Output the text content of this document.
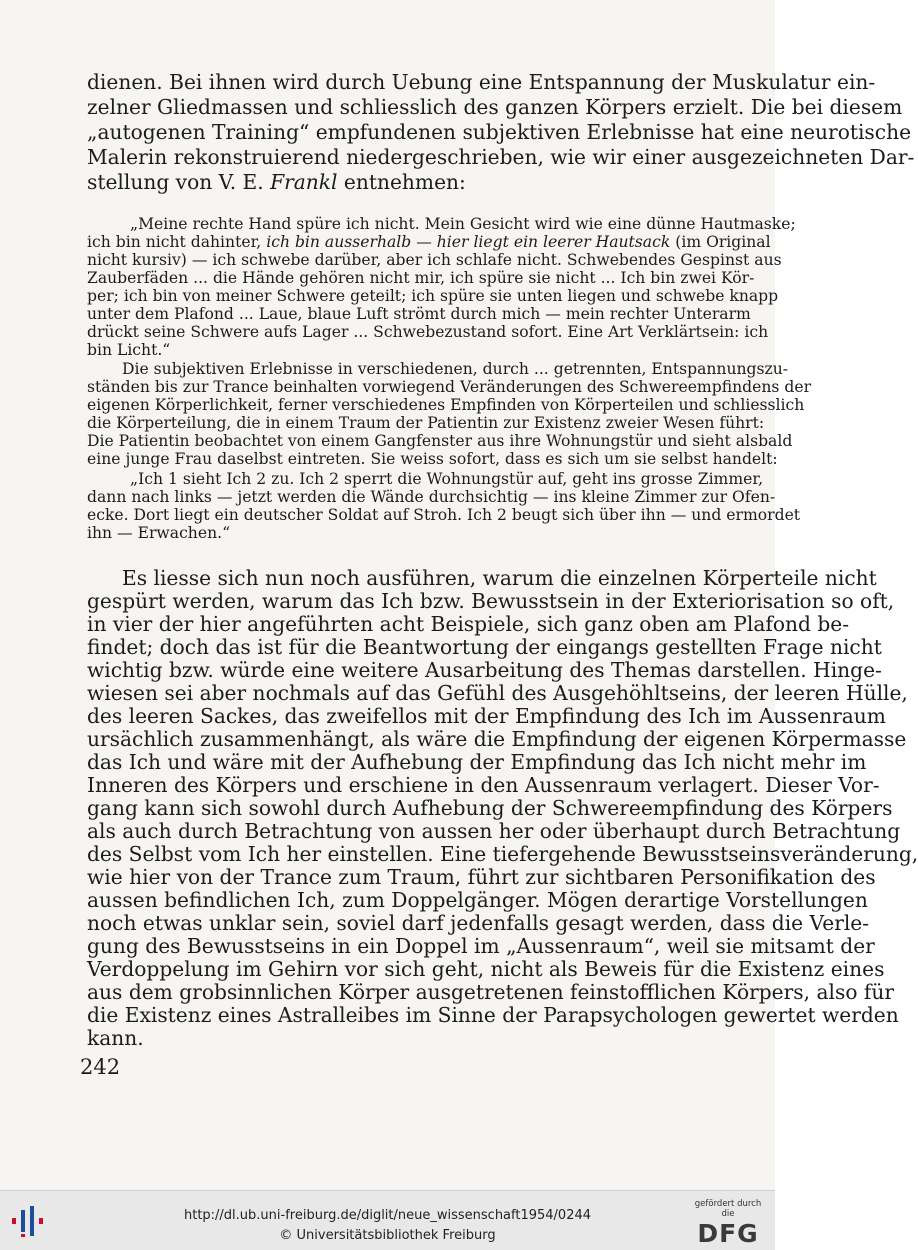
dienen. Bei ihnen wird durch Uebung eine Entspannung der Muskulatur ein-
zelner Gliedmassen und schliesslich des ganzen Körpers erzielt. Die bei diesem
„autogenen Training“ empfundenen subjektiven Erlebnisse hat eine neurotische
Malerin rekonstruierend niedergeschrieben, wie wir einer ausgezeichneten Dar-
stellung von V. E. Frankl entnehmen:
„Meine rechte Hand spüre ich nicht. Mein Gesicht wird wie eine dünne Hautmaske;
ich bin nicht dahinter, ich bin ausserhalb — hier liegt ein leerer Hautsack (im Original
nicht kursiv) — ich schwebe darüber, aber ich schlafe nicht. Schwebendes Gespinst aus
Zauberfäden ... die Hände gehören nicht mir, ich spüre sie nicht ... Ich bin zwei Kör-
per; ich bin von meiner Schwere geteilt; ich spüre sie unten liegen und schwebe knapp
unter dem Plafond ... Laue, blaue Luft strömt durch mich — mein rechter Unterarm
drückt seine Schwere aufs Lager ... Schwebezustand sofort. Eine Art Verklärtsein: ich
bin Licht.“
Die subjektiven Erlebnisse in verschiedenen, durch ... getrennten, Entspannungszu-
ständen bis zur Trance beinhalten vorwiegend Veränderungen des Schwereempfindens der
eigenen Körperlichkeit, ferner verschiedenes Empfinden von Körperteilen und schliesslich
die Körperteilung, die in einem Traum der Patientin zur Existenz zweier Wesen führt:
Die Patientin beobachtet von einem Gangfenster aus ihre Wohnungstür und sieht alsbald
eine junge Frau daselbst eintreten. Sie weiss sofort, dass es sich um sie selbst handelt:
„Ich 1 sieht Ich 2 zu. Ich 2 sperrt die Wohnungstür auf, geht ins grosse Zimmer,
dann nach links — jetzt werden die Wände durchsichtig — ins kleine Zimmer zur Ofen-
ecke. Dort liegt ein deutscher Soldat auf Stroh. Ich 2 beugt sich über ihn — und ermordet
ihn — Erwachen.“
Es liesse sich nun noch ausführen, warum die einzelnen Körperteile nicht
gespürt werden, warum das Ich bzw. Bewusstsein in der Exteriorisation so oft,
in vier der hier angeführten acht Beispiele, sich ganz oben am Plafond be-
findet; doch das ist für die Beantwortung der eingangs gestellten Frage nicht
wichtig bzw. würde eine weitere Ausarbeitung des Themas darstellen. Hinge-
wiesen sei aber nochmals auf das Gefühl des Ausgehöhltseins, der leeren Hülle,
des leeren Sackes, das zweifellos mit der Empfindung des Ich im Aussenraum
ursächlich zusammenhängt, als wäre die Empfindung der eigenen Körpermasse
das Ich und wäre mit der Aufhebung der Empfindung das Ich nicht mehr im
Inneren des Körpers und erschiene in den Aussenraum verlagert. Dieser Vor-
gang kann sich sowohl durch Aufhebung der Schwereempfindung des Körpers
als auch durch Betrachtung von aussen her oder überhaupt durch Betrachtung
des Selbst vom Ich her einstellen. Eine tiefergehende Bewusstseinsveränderung,
wie hier von der Trance zum Traum, führt zur sichtbaren Personifikation des
aussen befindlichen Ich, zum Doppelgänger. Mögen derartige Vorstellungen
noch etwas unklar sein, soviel darf jedenfalls gesagt werden, dass die Verle-
gung des Bewusstseins in ein Doppel im „Aussenraum“, weil sie mitsamt der
Verdoppelung im Gehirn vor sich geht, nicht als Beweis für die Existenz eines
aus dem grobsinnlichen Körper ausgetretenen feinstofflichen Körpers, also für
die Existenz eines Astralleibes im Sinne der Parapsychologen gewertet werden
kann.
242
http://dl.ub.uni-freiburg.de/diglit/neue_wissenschaft1954/0244
© Universitätsbibliothek Freiburg
gefördert durch die
DFG
